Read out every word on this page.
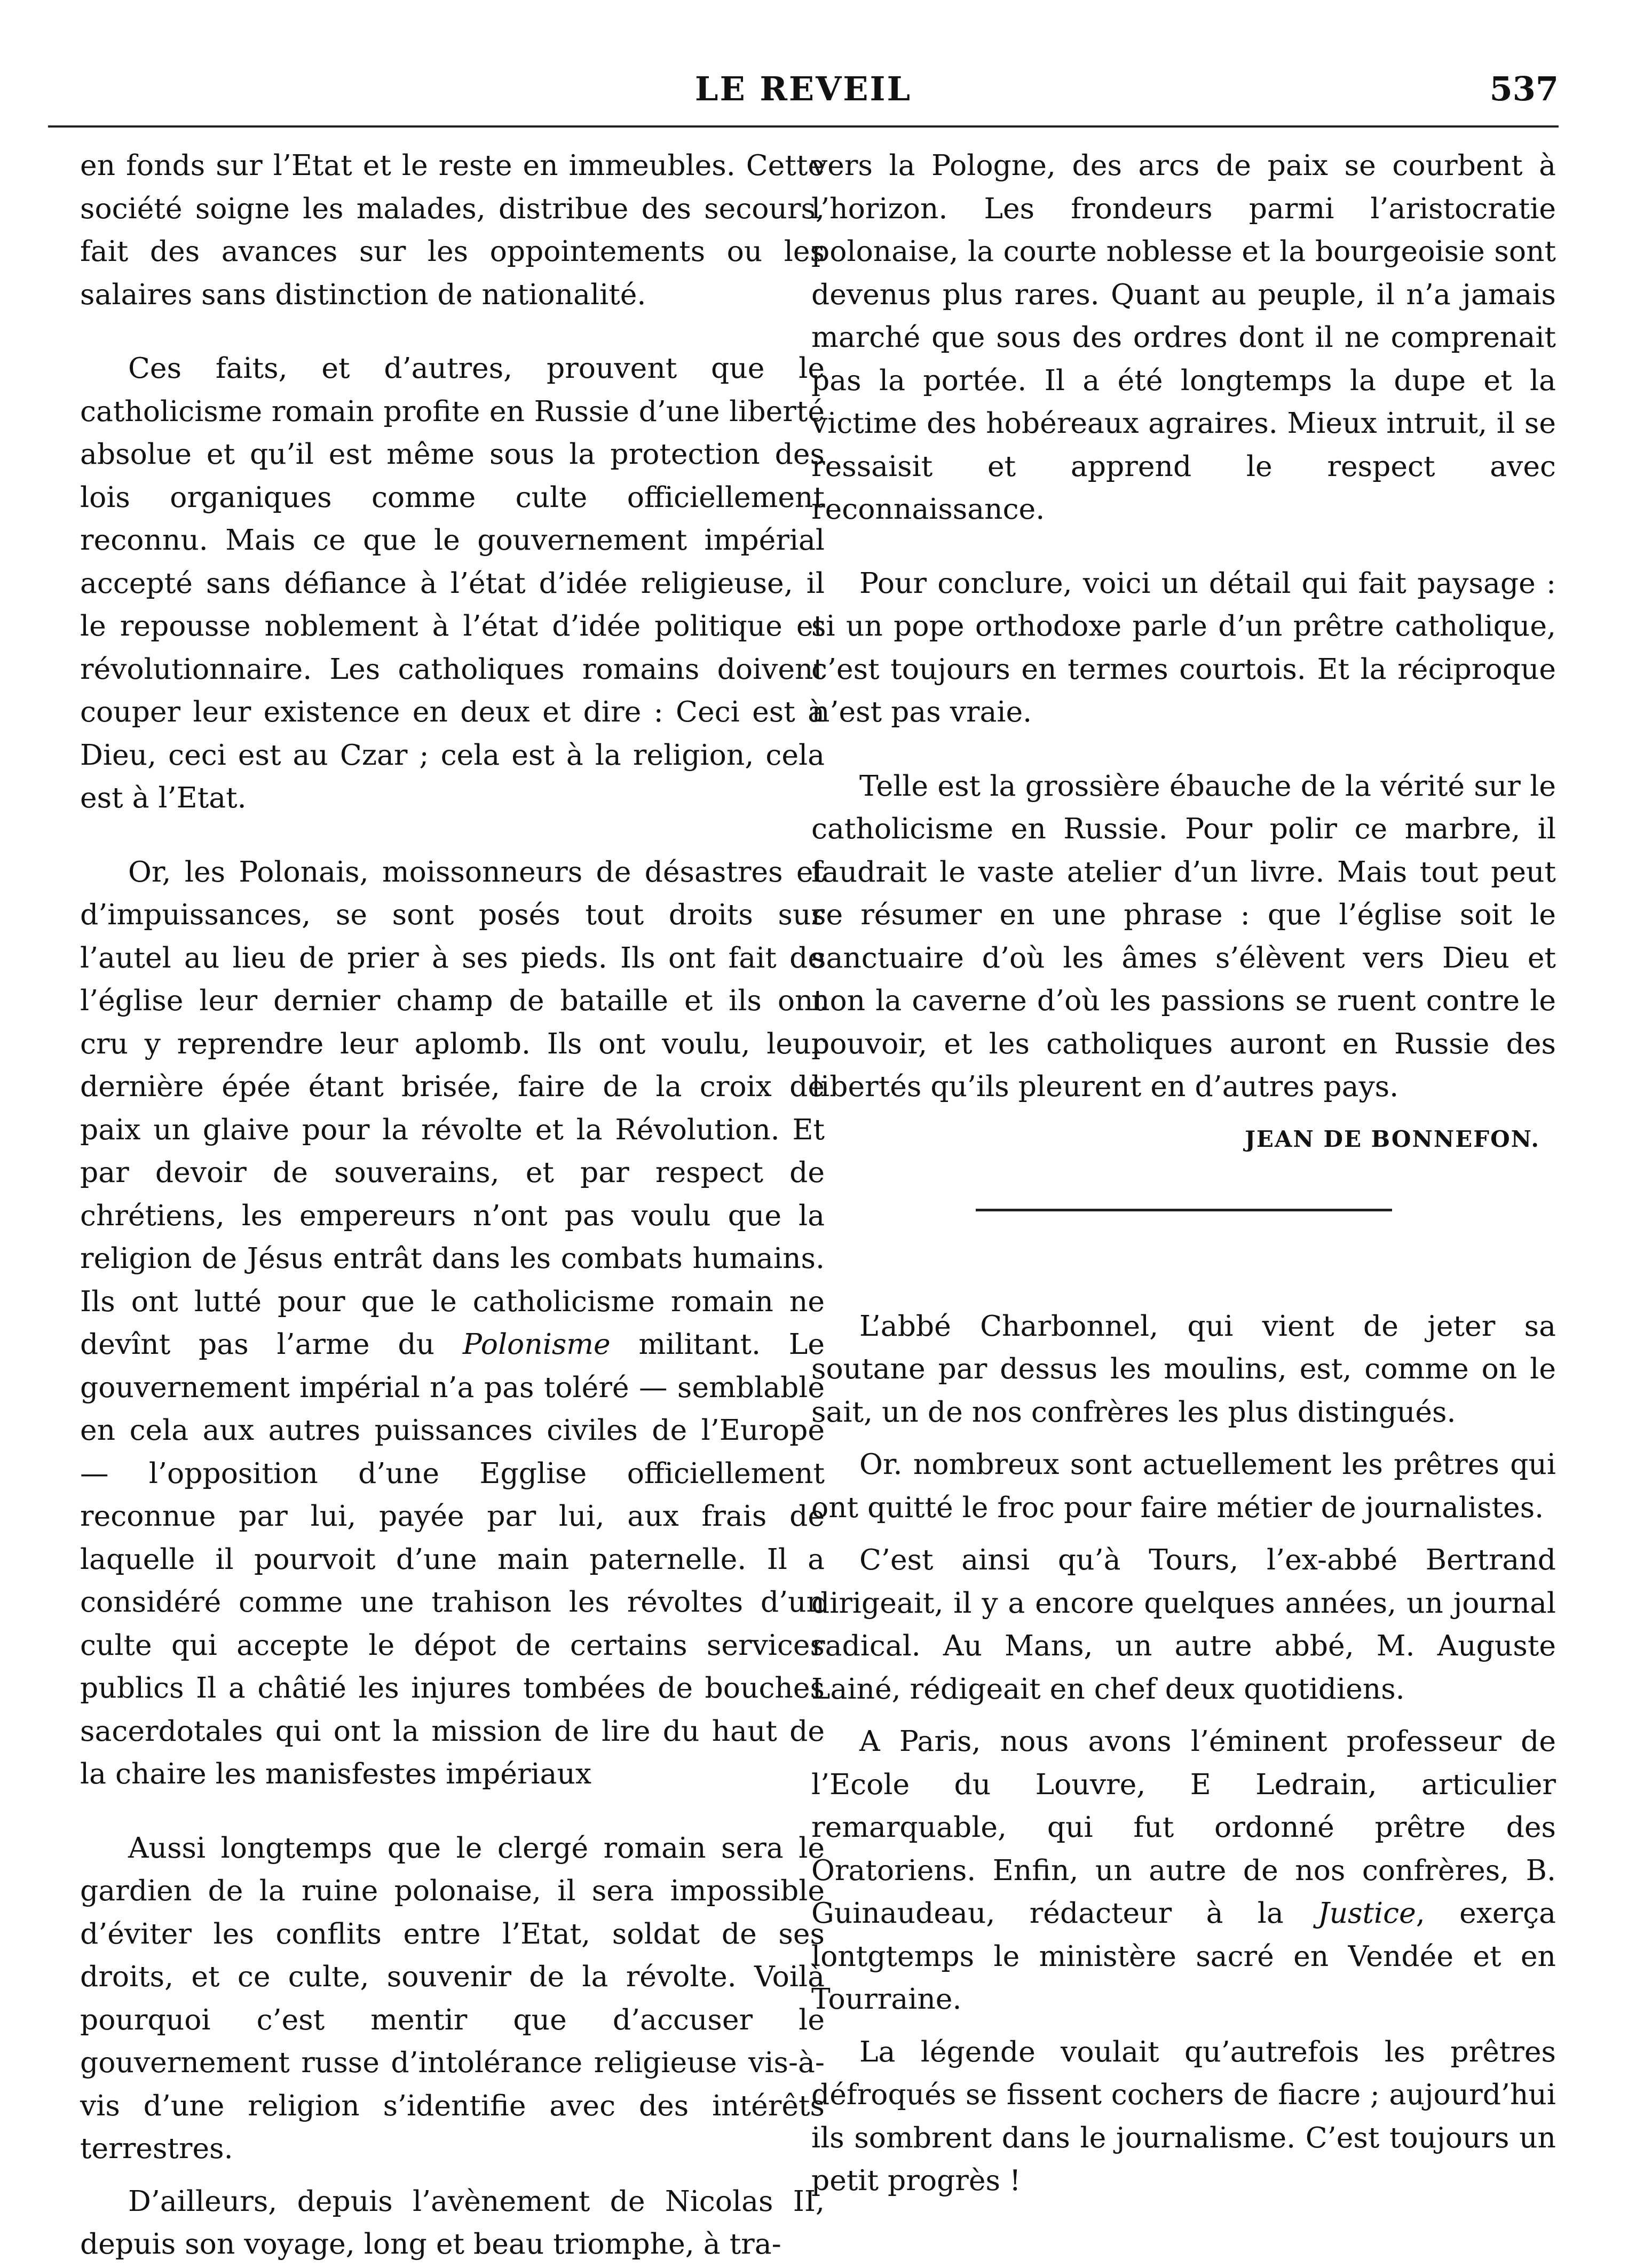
LE REVEIL	537

en fonds sur l’Etat et le reste en immeubles. Cette société soigne les malades, distribue des secours, fait des avances sur les oppointements ou les salaires sans distinction de nationalité.

Ces faits, et d’autres, prouvent que le catholicisme romain profite en Russie d’une liberté absolue et qu’il est même sous la protection des lois organiques comme culte officiellement reconnu. Mais ce que le gouvernement impérial accepté sans défiance à l’état d’idée religieuse, il le repousse noblement à l’état d’idée politique et révolutionnaire. Les catholiques romains doivent couper leur existence en deux et dire : Ceci est à Dieu, ceci est au Czar ; cela est à la religion, cela est à l’Etat.

Or, les Polonais, moissonneurs de désastres et d’impuissances, se sont posés tout droits sur l’autel au lieu de prier à ses pieds. Ils ont fait de l’église leur dernier champ de bataille et ils ont cru y reprendre leur aplomb. Ils ont voulu, leur dernière épée étant brisée, faire de la croix de paix un glaive pour la révolte et la Révolution. Et par devoir de souverains, et par respect de chrétiens, les empereurs n’ont pas voulu que la religion de Jésus entrât dans les combats humains. Ils ont lutté pour que le catholicisme romain ne devînt pas l’arme du Polonisme militant. Le gouvernement impérial n’a pas toléré — semblable en cela aux autres puissances civiles de l’Europe — l’opposition d’une Egglise officiellement reconnue par lui, payée par lui, aux frais de laquelle il pourvoit d’une main paternelle. Il a considéré comme une trahison les révoltes d’un culte qui accepte le dépot de certains services publics Il a châtié les injures tombées de bouches sacerdotales qui ont la mission de lire du haut de la chaire les manisfestes impériaux

Aussi longtemps que le clergé romain sera le gardien de la ruine polonaise, il sera impossible d’éviter les conflits entre l’Etat, soldat de ses droits, et ce culte, souvenir de la révolte. Voilà pourquoi c’est mentir que d’accuser le gouvernement russe d’intolérance religieuse vis-à-vis d’une religion s’identifie avec des intérêts terrestres.

D’ailleurs, depuis l’avènement de Nicolas II, depuis son voyage, long et beau triomphe, à tra-

vers la Pologne, des arcs de paix se courbent à l’horizon. Les frondeurs parmi l’aristocratie polonaise, la courte noblesse et la bourgeoisie sont devenus plus rares. Quant au peuple, il n’a jamais marché que sous des ordres dont il ne comprenait pas la portée. Il a été longtemps la dupe et la victime des hobéreaux agraires. Mieux intruit, il se ressaisit et apprend le respect avec reconnaissance.

Pour conclure, voici un détail qui fait paysage : si un pope orthodoxe parle d’un prêtre catholique, c’est toujours en termes courtois. Et la réciproque n’est pas vraie.

Telle est la grossière ébauche de la vérité sur le catholicisme en Russie. Pour polir ce marbre, il faudrait le vaste atelier d’un livre. Mais tout peut se résumer en une phrase : que l’église soit le sanctuaire d’où les âmes s’élèvent vers Dieu et non la caverne d’où les passions se ruent contre le pouvoir, et les catholiques auront en Russie des libertés qu’ils pleurent en d’autres pays.

JEAN DE BONNEFON.

L’abbé Charbonnel, qui vient de jeter sa soutane par dessus les moulins, est, comme on le sait, un de nos confrères les plus distingués.

Or. nombreux sont actuellement les prêtres qui ont quitté le froc pour faire métier de journalistes.

C’est ainsi qu’à Tours, l’ex-abbé Bertrand dirigeait, il y a encore quelques années, un journal radical. Au Mans, un autre abbé, M. Auguste Lainé, rédigeait en chef deux quotidiens.

A Paris, nous avons l’éminent professeur de l’Ecole du Louvre, E Ledrain, articulier remarquable, qui fut ordonné prêtre des Oratoriens. Enfin, un autre de nos confrères, B. Guinaudeau, rédacteur à la Justice, exerça lontgtemps le ministère sacré en Vendée et en Tourraine.

La légende voulait qu’autrefois les prêtres défroqués se fissent cochers de fiacre ; aujourd’hui ils sombrent dans le journalisme. C’est toujours un petit progrès !
